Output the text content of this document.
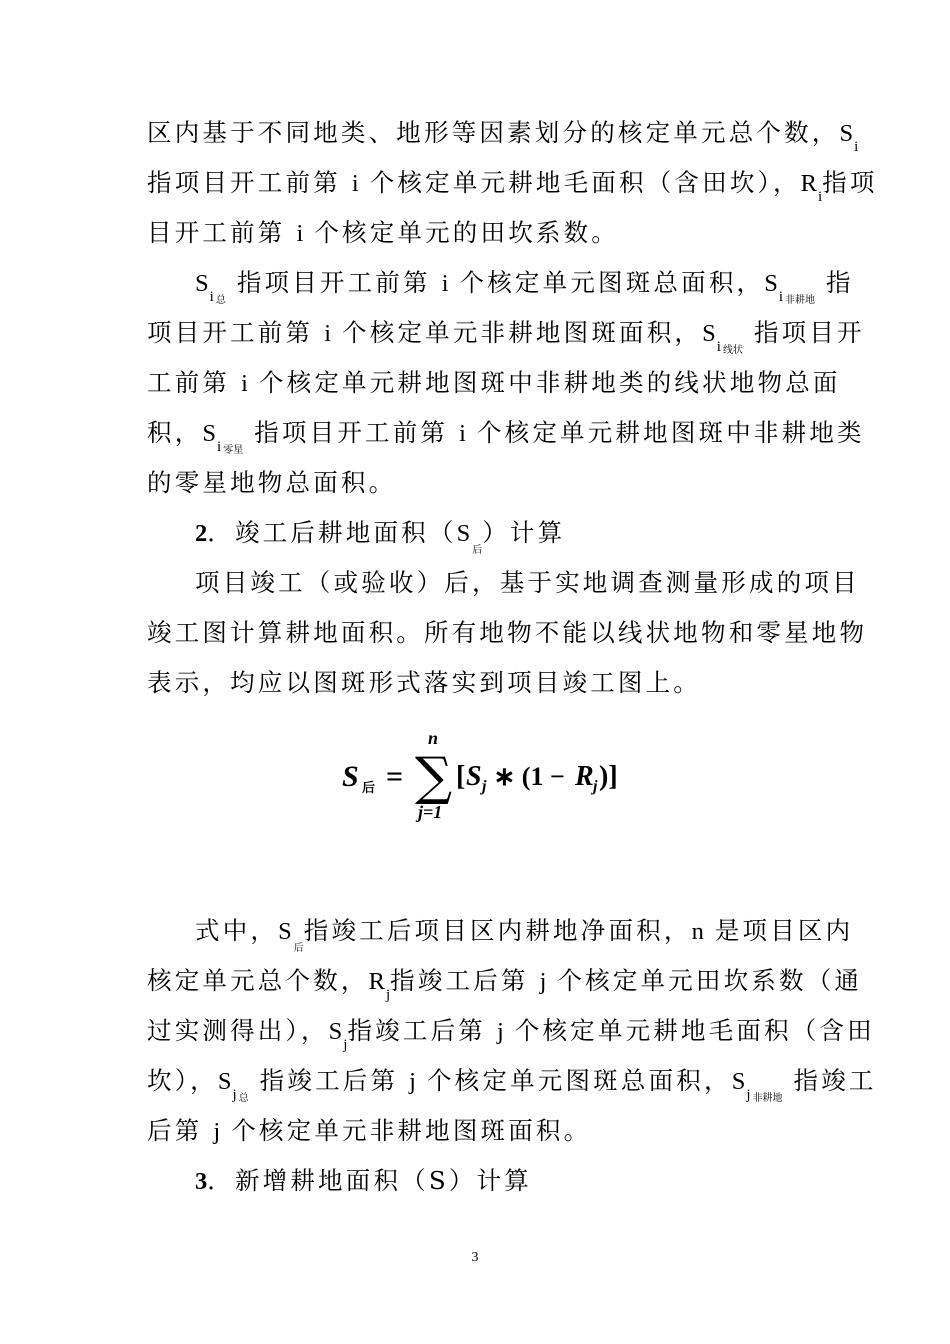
区内基于不同地类、地形等因素划分的核定单元总个数，$S_i$
指项目开工前第 i 个核定单元耕地毛面积（含田坎），$R_i$指项
目开工前第 i 个核定单元的田坎系数。
$S_i$ $_总$ 指项目开工前第 i 个核定单元图斑总面积，$S_i$ $_{非耕地}$ 指
项目开工前第 i 个核定单元非耕地图斑面积，$S_i$ $_{线状}$ 指项目开
工前第 i 个核定单元耕地图斑中非耕地类的线状地物总面
积，$S_i$ $_{零星}$ 指项目开工前第 i 个核定单元耕地图斑中非耕地类
的零星地物总面积。
2．竣工后耕地面积$(S_后)$计算
项目竣工（或验收）后，基于实地调查测量形成的项目
竣工图计算耕地面积。所有地物不能以线状地物和零星地物
表示，均应以图斑形式落实到项目竣工图上。
S 后 = ∑
n
j=1
[ S j ∗ (1 − R j )]
式中，$S_后$指竣工后项目区内耕地净面积，n 是项目区内
核定单元总个数，$R_j$指竣工后第 j 个核定单元田坎系数（通
过实测得出），$S_j$指竣工后第 j 个核定单元耕地毛面积（含田
坎），$S_j$ $_总$ 指竣工后第 j 个核定单元图斑总面积，$S_j$ $_{非耕地}$ 指竣工
后第 j 个核定单元非耕地图斑面积。
3．新增耕地面积（S）计算
3
